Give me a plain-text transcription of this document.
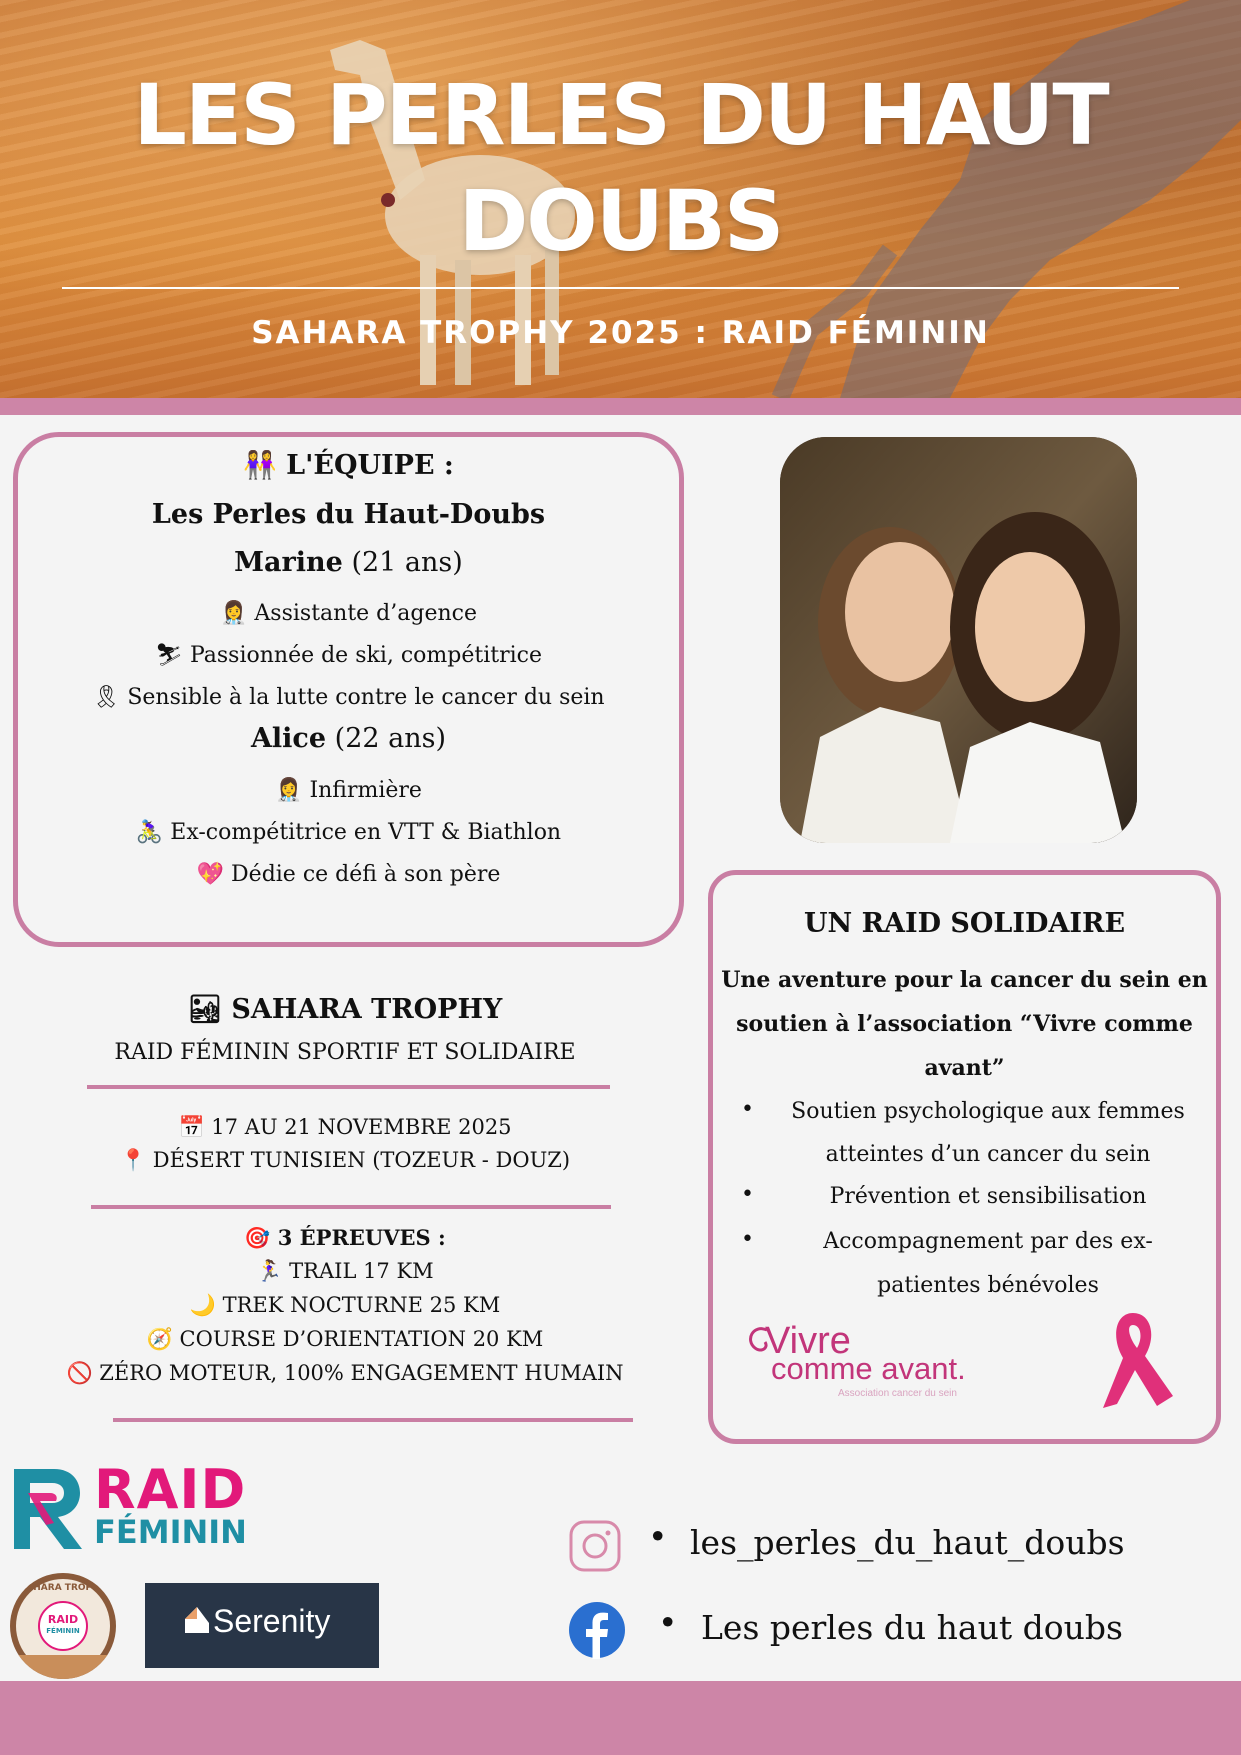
LES PERLES DU HAUT
DOUBS
SAHARA TROPHY 2025 : RAID FÉMININ
👭 L'ÉQUIPE :
Les Perles du Haut-Doubs
Marine (21 ans)
👩‍⚕️ Assistante d’agence
⛷ Passionnée de ski, compétitrice
🎗 Sensible à la lutte contre le cancer du sein
Alice (22 ans)
👩‍⚕️ Infirmière
🚴‍♀️ Ex-compétitrice en VTT & Biathlon
💖 Dédie ce défi à son père
🏜 SAHARA TROPHY
RAID FÉMININ SPORTIF ET SOLIDAIRE
📅 17 AU 21 NOVEMBRE 2025
📍 DÉSERT TUNISIEN (TOZEUR - DOUZ)
🎯 3 ÉPREUVES :
🏃‍♀️ TRAIL 17 KM
🌙 TREK NOCTURNE 25 KM
🧭 COURSE D’ORIENTATION 20 KM
🚫 ZÉRO MOTEUR, 100% ENGAGEMENT HUMAIN
UN RAID SOLIDAIRE
Une aventure pour la cancer du sein en
soutien à l’association “Vivre comme
avant”
•	Soutien psychologique aux femmes
atteintes d’un cancer du sein
•	Prévention et sensibilisation
•	Accompagnement par des ex-
patientes bénévoles
Vivre
comme avant.
Association cancer du sein
RAID
FÉMININ
SAHARA TROPHY
RAID
FÉMININ	Serenity
• les_perles_du_haut_doubs
• Les perles du haut doubs
